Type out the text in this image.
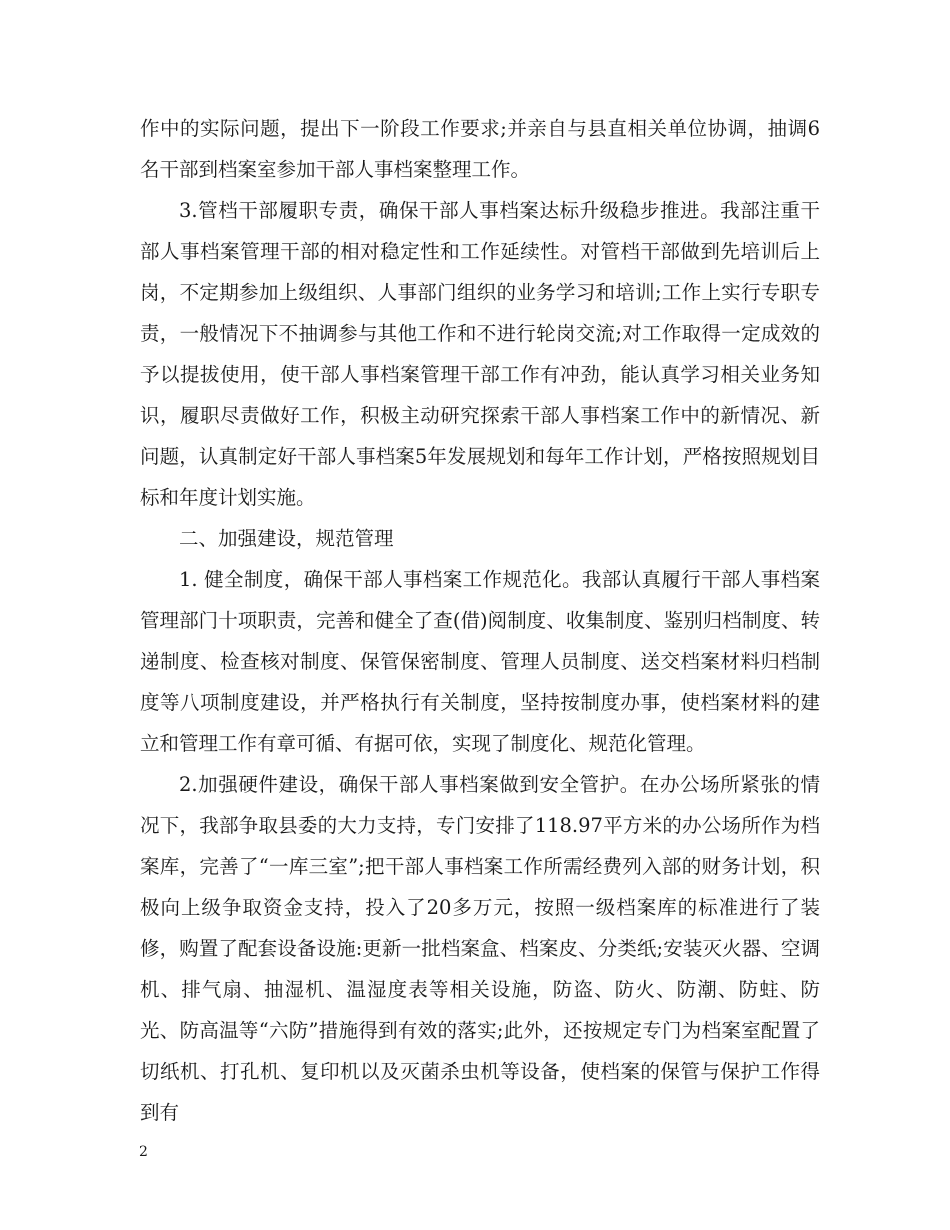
作中的实际问题，提出下一阶段工作要求;并亲自与县直相关单位协调，抽调6名干部到档案室参加干部人事档案整理工作。

3.管档干部履职专责，确保干部人事档案达标升级稳步推进。我部注重干部人事档案管理干部的相对稳定性和工作延续性。对管档干部做到先培训后上岗，不定期参加上级组织、人事部门组织的业务学习和培训;工作上实行专职专责，一般情况下不抽调参与其他工作和不进行轮岗交流;对工作取得一定成效的予以提拔使用，使干部人事档案管理干部工作有冲劲，能认真学习相关业务知识，履职尽责做好工作，积极主动研究探索干部人事档案工作中的新情况、新问题，认真制定好干部人事档案5年发展规划和每年工作计划，严格按照规划目标和年度计划实施。

二、加强建设，规范管理

1. 健全制度，确保干部人事档案工作规范化。我部认真履行干部人事档案管理部门十项职责，完善和健全了查(借)阅制度、收集制度、鉴别归档制度、转递制度、检查核对制度、保管保密制度、管理人员制度、送交档案材料归档制度等八项制度建设，并严格执行有关制度，坚持按制度办事，使档案材料的建立和管理工作有章可循、有据可依，实现了制度化、规范化管理。

2.加强硬件建设，确保干部人事档案做到安全管护。在办公场所紧张的情况下，我部争取县委的大力支持，专门安排了118.97平方米的办公场所作为档案库，完善了“一库三室”;把干部人事档案工作所需经费列入部的财务计划，积极向上级争取资金支持，投入了20多万元，按照一级档案库的标准进行了装修，购置了配套设备设施:更新一批档案盒、档案皮、分类纸;安装灭火器、空调机、排气扇、抽湿机、温湿度表等相关设施，防盗、防火、防潮、防蛀、防光、防高温等“六防”措施得到有效的落实;此外，还按规定专门为档案室配置了切纸机、打孔机、复印机以及灭菌杀虫机等设备，使档案的保管与保护工作得到有

2
